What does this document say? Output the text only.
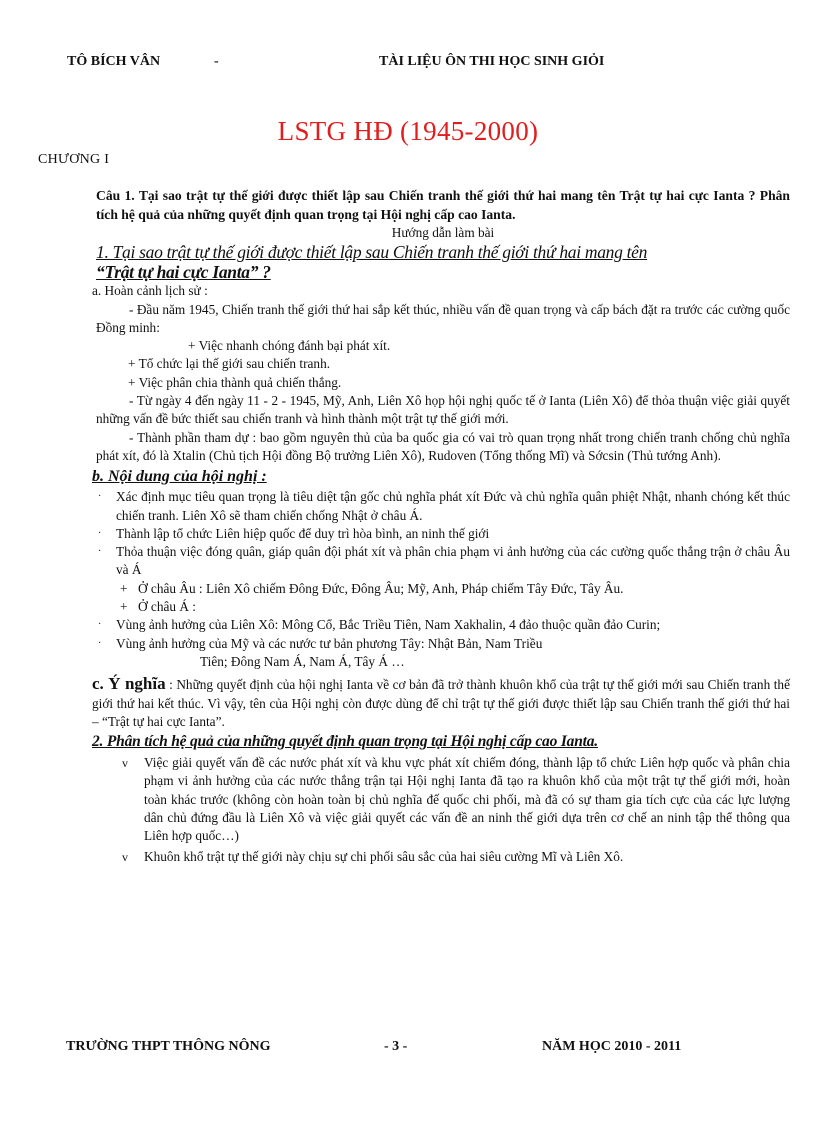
TÔ BÍCH VÂN	-	TÀI LIỆU ÔN THI HỌC SINH GIỎI
LSTG HĐ (1945-2000)
CHƯƠNG I

Câu 1. Tại sao trật tự thế giới được thiết lập sau Chiến tranh thế giới thứ hai mang tên Trật tự hai cực Ianta ? Phân tích hệ quả của những quyết định quan trọng tại Hội nghị cấp cao Ianta.

Hướng dẫn làm bài

1. Tại sao trật tự thế giới được thiết lập sau Chiến tranh thế giới thứ hai mang tên

“Trật tự hai cực Ianta” ?

a. Hoàn cảnh lịch sử :

- Đầu năm 1945, Chiến tranh thế giới thứ hai sắp kết thúc, nhiều vấn đề quan trọng và cấp bách đặt ra trước các cường quốc Đồng minh:

+ Việc nhanh chóng đánh bại phát xít.

+ Tổ chức lại thế giới sau chiến tranh.

+ Việc phân chia thành quả chiến thắng.

- Từ ngày 4 đến ngày 11 - 2 - 1945, Mỹ, Anh, Liên Xô họp hội nghị quốc tế ở Ianta (Liên Xô) để thỏa thuận việc giải quyết những vấn đề bức thiết sau chiến tranh và hình thành một trật tự thế giới mới.

- Thành phần tham dự : bao gồm nguyên thủ của ba quốc gia có vai trò quan trọng nhất trong chiến tranh chống chủ nghĩa phát xít, đó là Xtalin (Chủ tịch Hội đồng Bộ trưởng Liên Xô), Rudoven (Tổng thống Mĩ) và Sớcsin (Thủ tướng Anh).

b. Nội dung của hội nghị :

· Xác định mục tiêu quan trọng là tiêu diệt tận gốc chủ nghĩa phát xít Đức và chủ nghĩa quân phiệt Nhật, nhanh chóng kết thúc chiến tranh. Liên Xô sẽ tham chiến chống Nhật ở châu Á.
· Thành lập tổ chức Liên hiệp quốc để duy trì hòa bình, an ninh thế giới
· Thỏa thuận việc đóng quân, giáp quân đội phát xít và phân chia phạm vi ảnh hưởng của các cường quốc thắng trận ở châu Âu và Á
+ Ở châu Âu : Liên Xô chiếm Đông Đức, Đông Âu; Mỹ, Anh, Pháp chiếm Tây Đức, Tây Âu.
+ Ở châu Á :
· Vùng ảnh hưởng của Liên Xô: Mông Cổ, Bắc Triều Tiên, Nam Xakhalin, 4 đảo thuộc quần đảo Curin;
· Vùng ảnh hưởng của Mỹ và các nước tư bản phương Tây: Nhật Bản, Nam Triều
Tiên; Đông Nam Á, Nam Á, Tây Á …

c. Ý nghĩa : Những quyết định của hội nghị Ianta về cơ bản đã trở thành khuôn khổ của trật tự thế giới mới sau Chiến tranh thế giới thứ hai kết thúc. Vì vậy, tên của Hội nghị còn được dùng để chỉ trật tự thế giới được thiết lập sau Chiến tranh thế giới thứ hai – “Trật tự hai cực Ianta”.

2. Phân tích hệ quả của những quyết định quan trọng tại Hội nghị cấp cao Ianta.

v Việc giải quyết vấn đề các nước phát xít và khu vực phát xít chiếm đóng, thành lập tổ chức Liên hợp quốc và phân chia phạm vi ảnh hưởng của các nước thắng trận tại Hội nghị Ianta đã tạo ra khuôn khổ của một trật tự thế giới mới, hoàn toàn khác trước (không còn hoàn toàn bị chủ nghĩa đế quốc chi phối, mà đã có sự tham gia tích cực của các lực lượng dân chủ đứng đầu là Liên Xô và việc giải quyết các vấn đề an ninh thế giới dựa trên cơ chế an ninh tập thể thông qua Liên hợp quốc…)
v Khuôn khổ trật tự thế giới này chịu sự chi phối sâu sắc của hai siêu cường Mĩ và Liên Xô.
TRƯỜNG THPT THÔNG NÔNG	- 3 -	NĂM HỌC 2010 - 2011
